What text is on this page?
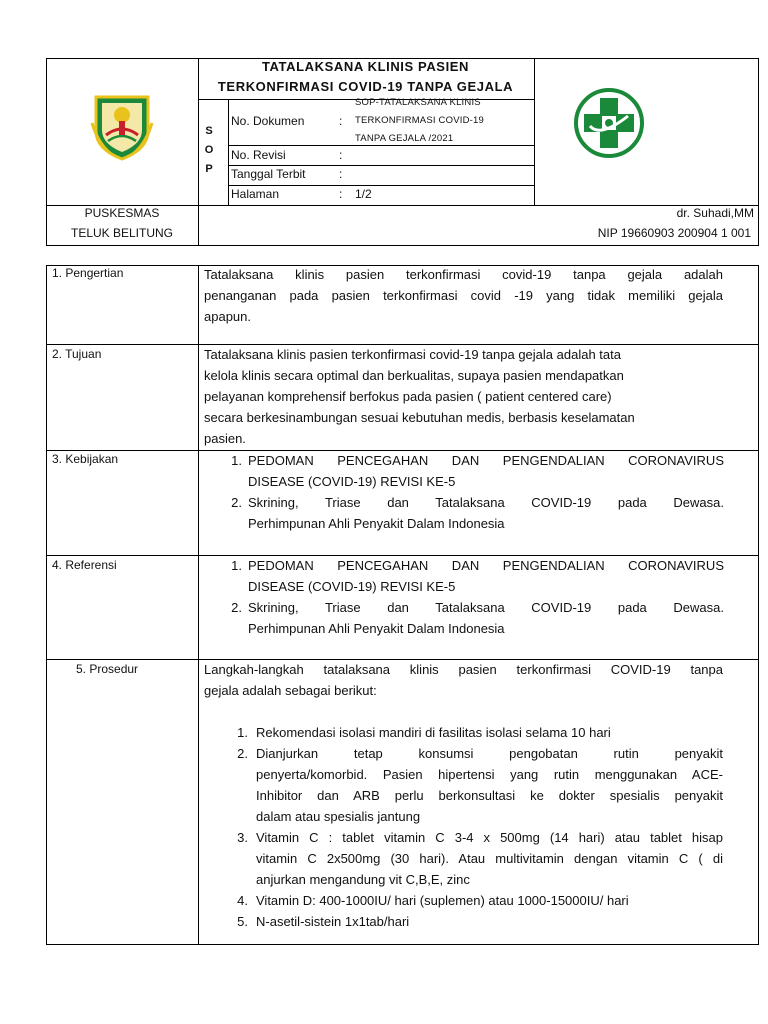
TATALAKSANA KLINIS PASIEN
TERKONFIRMASI COVID-19 TANPA GEJALA
S
O
P
No. Dokumen	:
SOP-TATALAKSANA KLINIS
TERKONFIRMASI COVID-19
TANPA GEJALA /2021
No. Revisi	:
Tanggal Terbit	:
Halaman	: 1/2
PUSKESMAS
TELUK BELITUNG
dr. Suhadi,MM
NIP 19660903 200904 1 001
1. Pengertian	Tatalaksana klinis pasien terkonfirmasi covid-19 tanpa gejala adalah
penanganan pada pasien terkonfirmasi covid -19 yang tidak memiliki gejala
apapun.
2. Tujuan	Tatalaksana klinis pasien terkonfirmasi covid-19 tanpa gejala adalah tata
kelola klinis secara optimal dan berkualitas, supaya pasien mendapatkan
pelayanan komprehensif berfokus pada pasien ( patient centered care)
secara berkesinambungan sesuai kebutuhan medis, berbasis keselamatan
pasien.
3. Kebijakan	1. PEDOMAN PENCEGAHAN DAN PENGENDALIAN CORONAVIRUS
DISEASE (COVID-19) REVISI KE-5
2. Skrining, Triase dan Tatalaksana COVID-19 pada Dewasa.
Perhimpunan Ahli Penyakit Dalam Indonesia
4. Referensi	1. PEDOMAN PENCEGAHAN DAN PENGENDALIAN CORONAVIRUS
DISEASE (COVID-19) REVISI KE-5
2. Skrining, Triase dan Tatalaksana COVID-19 pada Dewasa.
Perhimpunan Ahli Penyakit Dalam Indonesia
5. Prosedur	Langkah-langkah tatalaksana klinis pasien terkonfirmasi COVID-19 tanpa
gejala adalah sebagai berikut:
1. Rekomendasi isolasi mandiri di fasilitas isolasi selama 10 hari
2. Dianjurkan tetap konsumsi pengobatan rutin penyakit
penyerta/komorbid. Pasien hipertensi yang rutin menggunakan ACE-
Inhibitor dan ARB perlu berkonsultasi ke dokter spesialis penyakit
dalam atau spesialis jantung
3. Vitamin C : tablet vitamin C 3-4 x 500mg (14 hari) atau tablet hisap
vitamin C 2x500mg (30 hari). Atau multivitamin dengan vitamin C ( di
anjurkan mengandung vit C,B,E, zinc
4. Vitamin D: 400-1000IU/ hari (suplemen) atau 1000-15000IU/ hari
5. N-asetil-sistein 1x1tab/hari
